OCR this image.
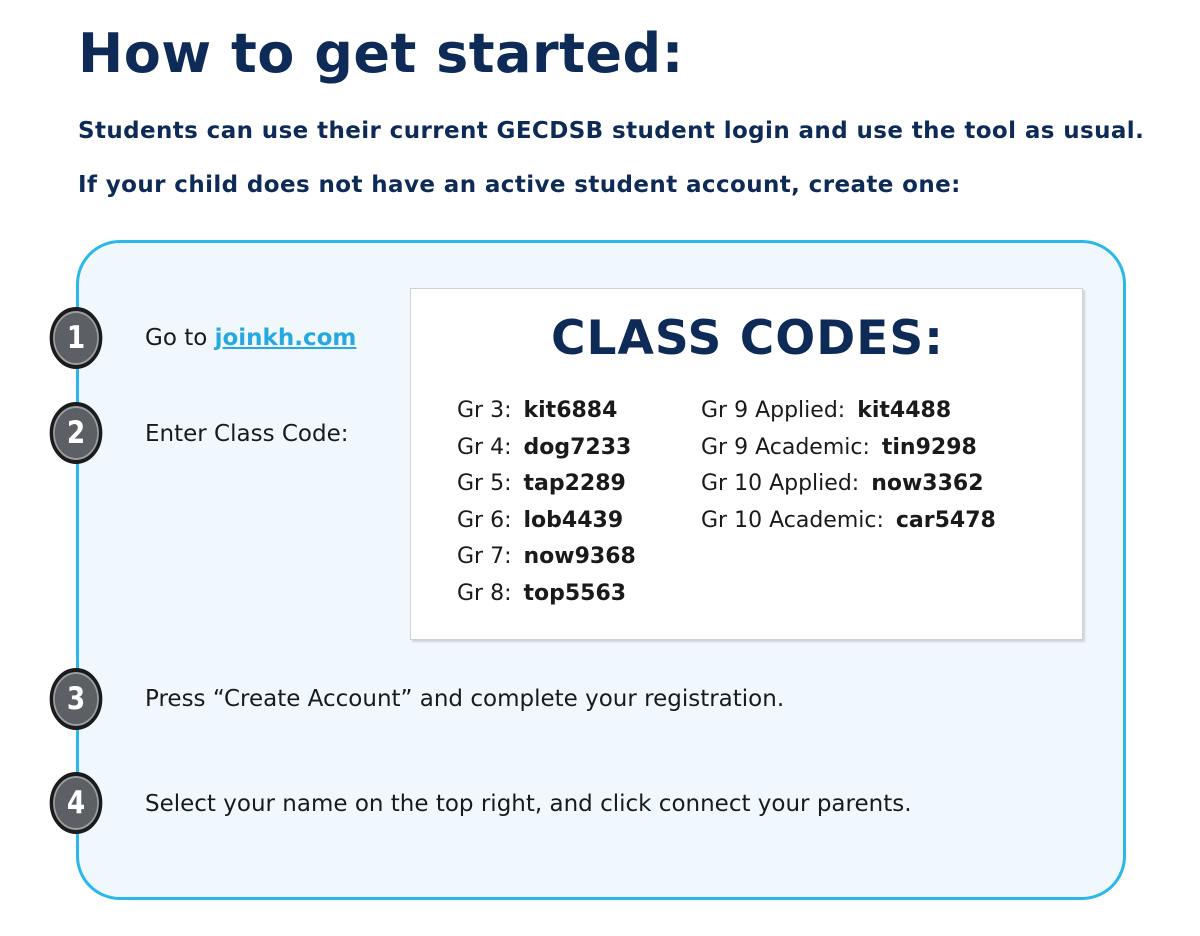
How to get started:

Students can use their current GECDSB student login and use the tool as usual.

If your child does not have an active student account, create one:

1	Go to joinkh.com
2	Enter Class Code:
CLASS CODES:
Gr 3: kit6884
Gr 4: dog7233
Gr 5: tap2289
Gr 6: lob4439
Gr 7: now9368
Gr 8: top5563
Gr 9 Applied: kit4488
Gr 9 Academic: tin9298
Gr 10 Applied: now3362
Gr 10 Academic: car5478
3	Press “Create Account” and complete your registration.
4	Select your name on the top right, and click connect your parents.
